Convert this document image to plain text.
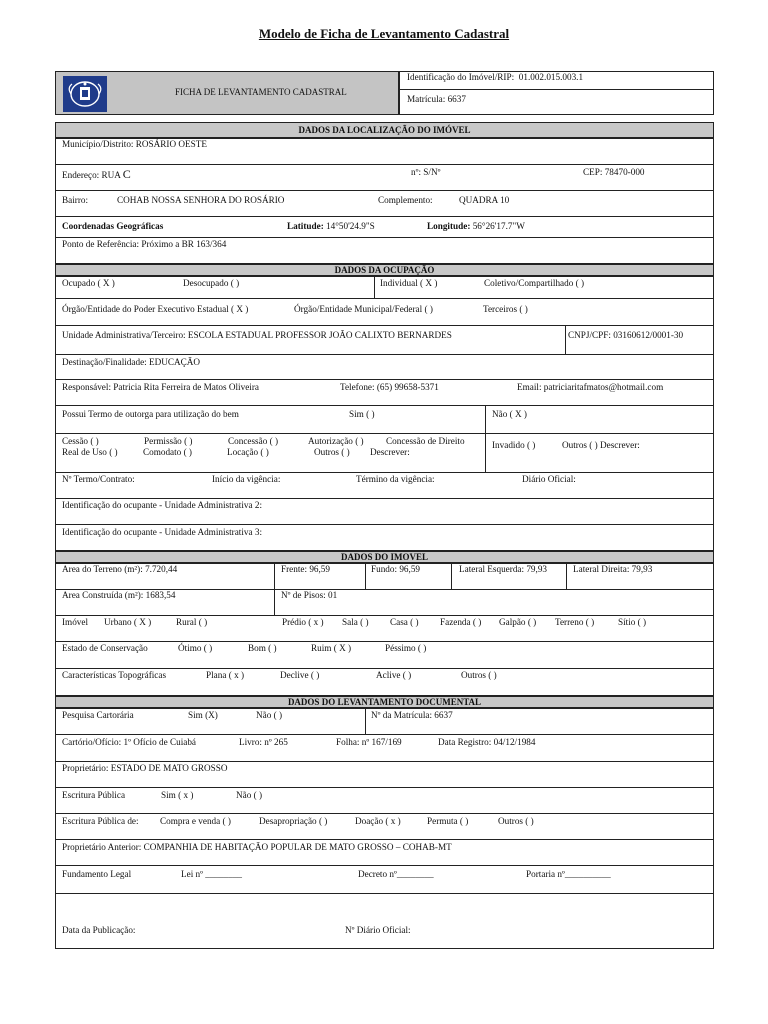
Modelo de Ficha de Levantamento Cadastral
FICHA DE LEVANTAMENTO CADASTRAL
Identificação do Imóvel/RIP: 01.002.015.003.1
Matrícula: 6637
DADOS DA LOCALIZAÇÃO DO IMÓVEL
Município/Distrito: ROSÁRIO OESTE
Endereço: RUA C	nº: S/Nº	CEP: 78470-000
Bairro:	COHAB NOSSA SENHORA DO ROSÁRIO	Complemento:	QUADRA 10
Coordenadas Geográficas	Latitude: 14°50'24.9"S	Longitude: 56°26'17.7"W
Ponto de Referência: Próximo a BR 163/364
DADOS DA OCUPAÇÃO
Ocupado ( X )	Desocupado ( )	Individual ( X )	Coletivo/Compartilhado ( )
Órgão/Entidade do Poder Executivo Estadual ( X )	Órgão/Entidade Municipal/Federal ( )	Terceiros ( )
Unidade Administrativa/Terceiro: ESCOLA ESTADUAL PROFESSOR JOÃO CALIXTO BERNARDES	CNPJ/CPF: 03160612/0001-30
Destinação/Finalidade: EDUCAÇÃO
Responsável: Patricia Rita Ferreira de Matos Oliveira	Telefone: (65) 99658-5371	Email: patriciaritafmatos@hotmail.com
Possui Termo de outorga para utilização do bem	Sim ( )	Não ( X )
Cessão ( )	Permissão ( )	Concessão ( )	Autorização ( ) Concessão de Direito
Real de Uso ( )	Comodato ( )	Locação ( )	Outros ( ) Descrever:
Invadido ( )	Outros ( ) Descrever:
Nº Termo/Contrato:	Início da vigência:	Término da vigência:	Diário Oficial:
Identificação do ocupante - Unidade Administrativa 2:
Identificação do ocupante - Unidade Administrativa 3:
DADOS DO IMOVEL
Area do Terreno (m²): 7.720,44	Frente: 96,59	Fundo: 96,59	Lateral Esquerda: 79,93	Lateral Direita: 79,93
Area Construída (m²): 1683,54	Nº de Pisos: 01
Imóvel Urbano ( X )	Rural ( )	Prédio ( x ) Sala ( ) Casa ( ) Fazenda ( ) Galpão ( ) Terreno ( )	Sítio ( )
Estado de Conservação	Ótimo ( )	Bom ( )	Ruim ( X )	Péssimo ( )
Características Topográficas	Plana ( x )	Declive ( )	Aclive ( )	Outros ( )
DADOS DO LEVANTAMENTO DOCUMENTAL
Pesquisa Cartorária	Sim (X)	Não ( )	Nº da Matrícula: 6637
Cartório/Ofício: 1º Ofício de Cuiabá	Livro: nº 265	Folha: nº 167/169	Data Registro: 04/12/1984
Proprietário: ESTADO DE MATO GROSSO
Escritura Pública	Sim ( x )	Não ( )
Escritura Pública de: Compra e venda ( )	Desapropriação ( )	Doação ( x )	Permuta ( )	Outros ( )
Proprietário Anterior: COMPANHIA DE HABITAÇÃO POPULAR DE MATO GROSSO – COHAB-MT
Fundamento Legal	Lei nº ________	Decreto nº________	Portaria nº__________
Data da Publicação:	Nº Diário Oficial:
